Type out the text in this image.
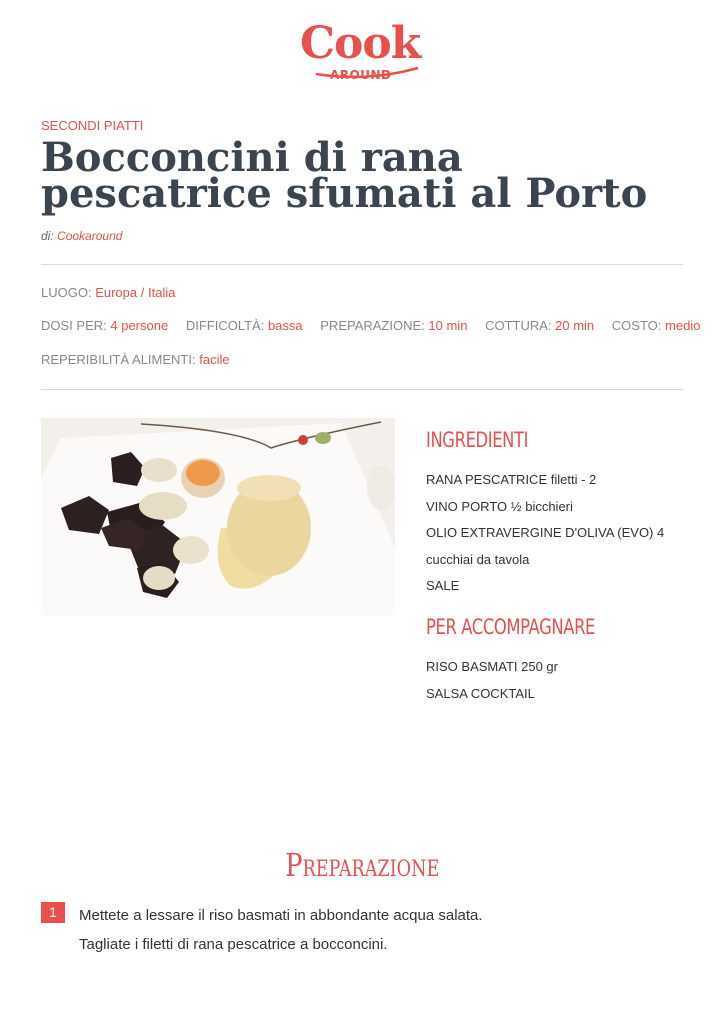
Cook
AROUND
SECONDI PIATTI
Bocconcini di rana pescatrice sfumati al Porto
di: Cookaround
LUOGO: Europa / Italia
DOSI PER: 4 persone DIFFICOLTÀ: bassa PREPARAZIONE: 10 min COTTURA: 20 min COSTO: medio
REPERIBILITÀ ALIMENTI: facile
INGREDIENTI
RANA PESCATRICE filetti - 2
VINO PORTO ½ bicchieri
OLIO EXTRAVERGINE D'OLIVA (EVO) 4
cucchiai da tavola
SALE
PER ACCOMPAGNARE
RISO BASMATI 250 gr
SALSA COCKTAIL
Preparazione
1	Mettete a lessare il riso basmati in abbondante acqua salata.
Tagliate i filetti di rana pescatrice a bocconcini.
